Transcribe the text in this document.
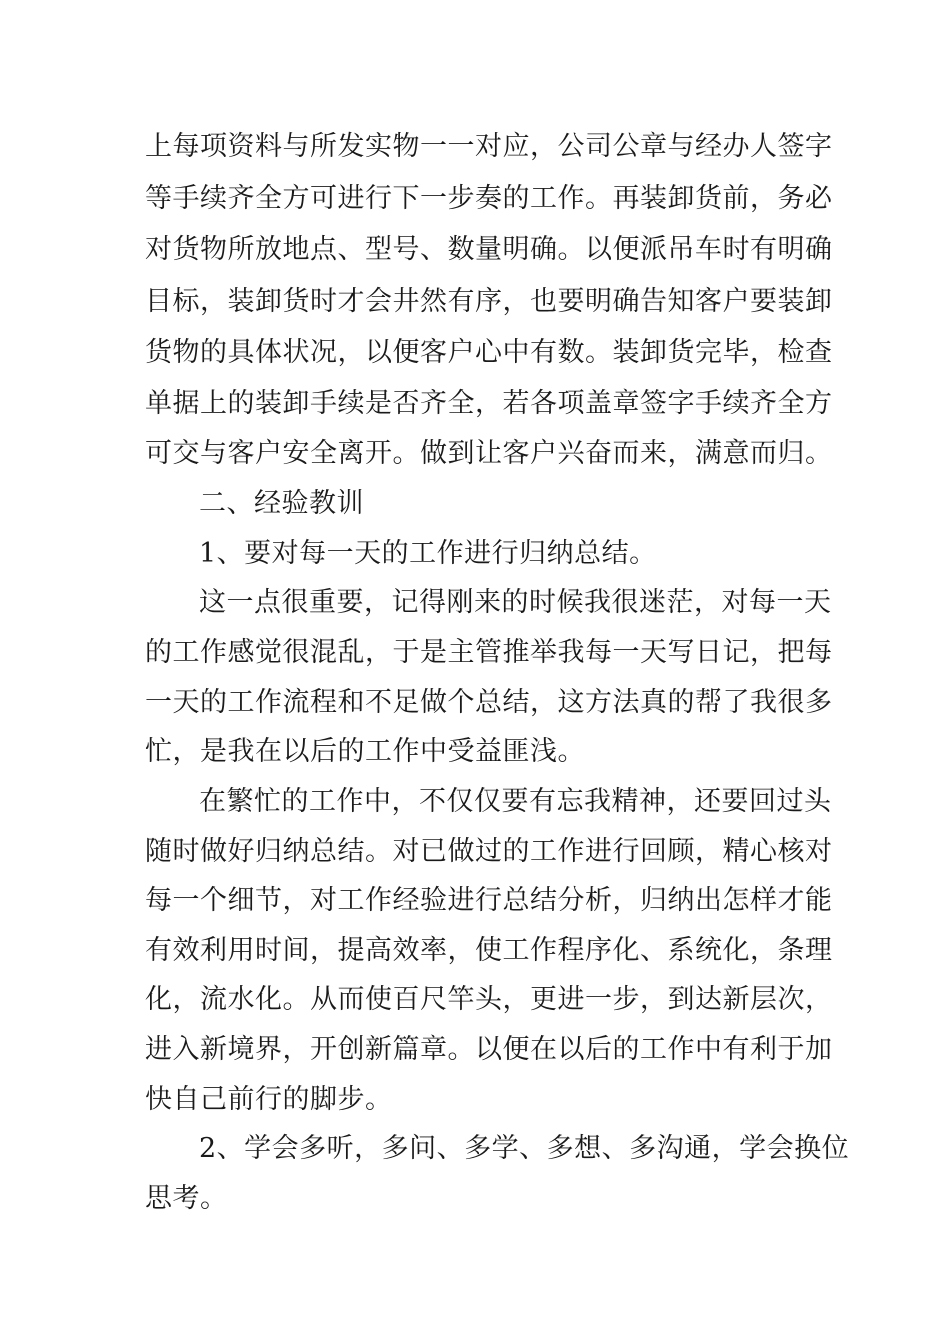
上每项资料与所发实物一一对应，公司公章与经办人签字
等手续齐全方可进行下一步奏的工作。再装卸货前，务必
对货物所放地点、型号、数量明确。以便派吊车时有明确
目标，装卸货时才会井然有序，也要明确告知客户要装卸
货物的具体状况，以便客户心中有数。装卸货完毕，检查
单据上的装卸手续是否齐全，若各项盖章签字手续齐全方
可交与客户安全离开。做到让客户兴奋而来，满意而归。
二、经验教训
1、要对每一天的工作进行归纳总结。
这一点很重要，记得刚来的时候我很迷茫，对每一天
的工作感觉很混乱，于是主管推举我每一天写日记，把每
一天的工作流程和不足做个总结，这方法真的帮了我很多
忙，是我在以后的工作中受益匪浅。
在繁忙的工作中，不仅仅要有忘我精神，还要回过头
随时做好归纳总结。对已做过的工作进行回顾，精心核对
每一个细节，对工作经验进行总结分析，归纳出怎样才能
有效利用时间，提高效率，使工作程序化、系统化，条理
化，流水化。从而使百尺竿头，更进一步，到达新层次，
进入新境界，开创新篇章。以便在以后的工作中有利于加
快自己前行的脚步。
2、学会多听，多问、多学、多想、多沟通，学会换位
思考。
